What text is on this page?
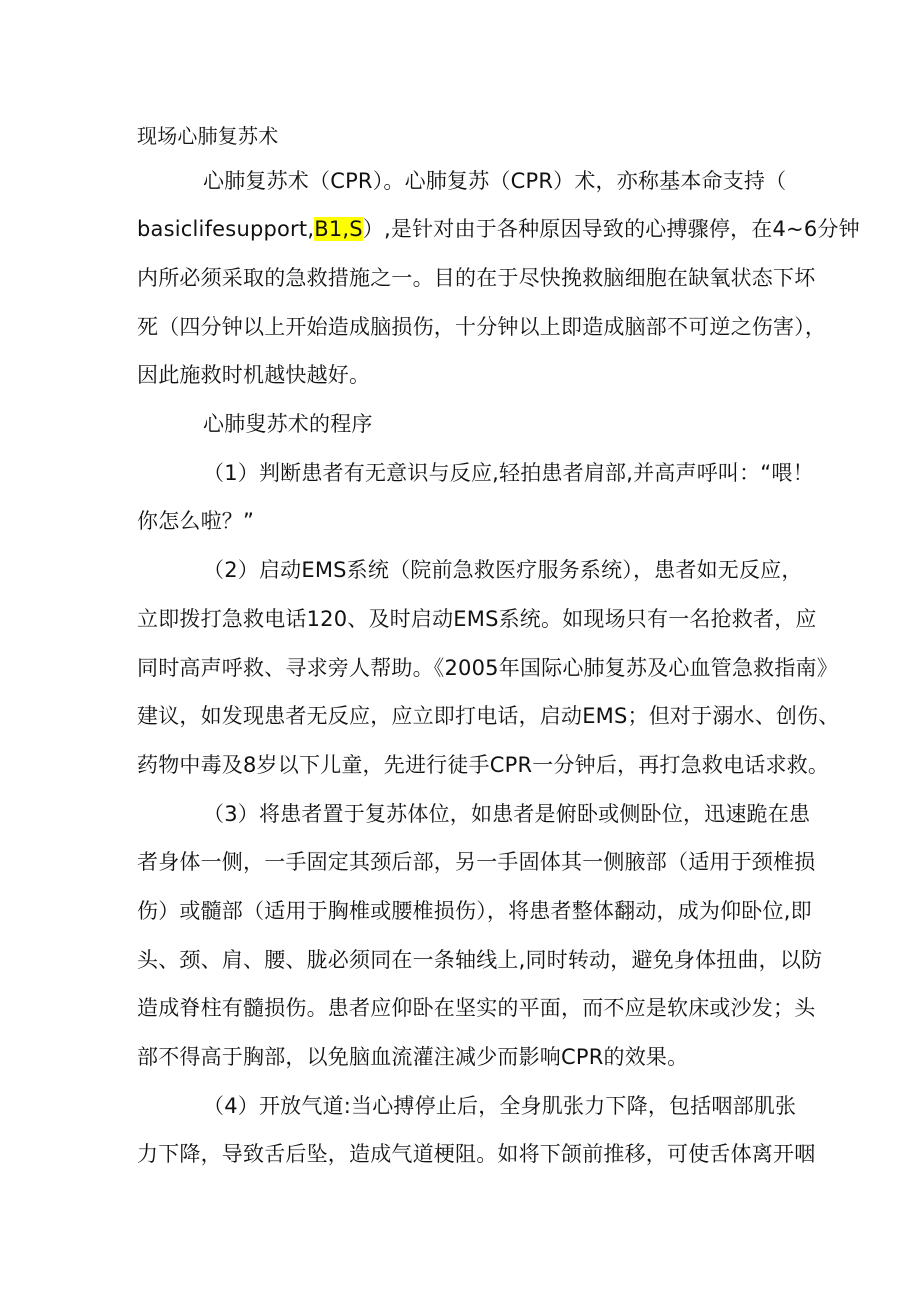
现场心肺复苏术
心肺复苏术（CPR）。心肺复苏（CPR）术，亦称基本命支持（
basiclifesupport,B1,S）,是针对由于各种原因导致的心搏骤停，在4~6分钟
内所必须采取的急救措施之一。目的在于尽快挽救脑细胞在缺氧状态下坏
死（四分钟以上开始造成脑损伤，十分钟以上即造成脑部不可逆之伤害），
因此施救时机越快越好。
心肺叟苏术的程序
（1）判断患者有无意识与反应,轻拍患者肩部,并高声呼叫：“喂！
你怎么啦？”
（2）启动EMS系统（院前急救医疗服务系统），患者如无反应，
立即拨打急救电话120、及时启动EMS系统。如现场只有一名抢救者，应
同时高声呼救、寻求旁人帮助。《2005年国际心肺复苏及心血管急救指南》
建议，如发现患者无反应，应立即打电话，启动EMS；但对于溺水、创伤、
药物中毒及8岁以下儿童，先进行徒手CPR一分钟后，再打急救电话求救。
（3）将患者置于复苏体位，如患者是俯卧或侧卧位，迅速跪在患
者身体一侧，一手固定其颈后部，另一手固体其一侧腋部（适用于颈椎损
伤）或髓部（适用于胸椎或腰椎损伤），将患者整体翻动，成为仰卧位,即
头、颈、肩、腰、胧必须同在一条轴线上,同时转动，避免身体扭曲，以防
造成脊柱有髓损伤。患者应仰卧在坚实的平面，而不应是软床或沙发；头
部不得高于胸部，以免脑血流灌注减少而影响CPR的效果。
（4）开放气道:当心搏停止后，全身肌张力下降，包括咽部肌张
力下降，导致舌后坠，造成气道梗阻。如将下颌前推移，可使舌体离开咽
